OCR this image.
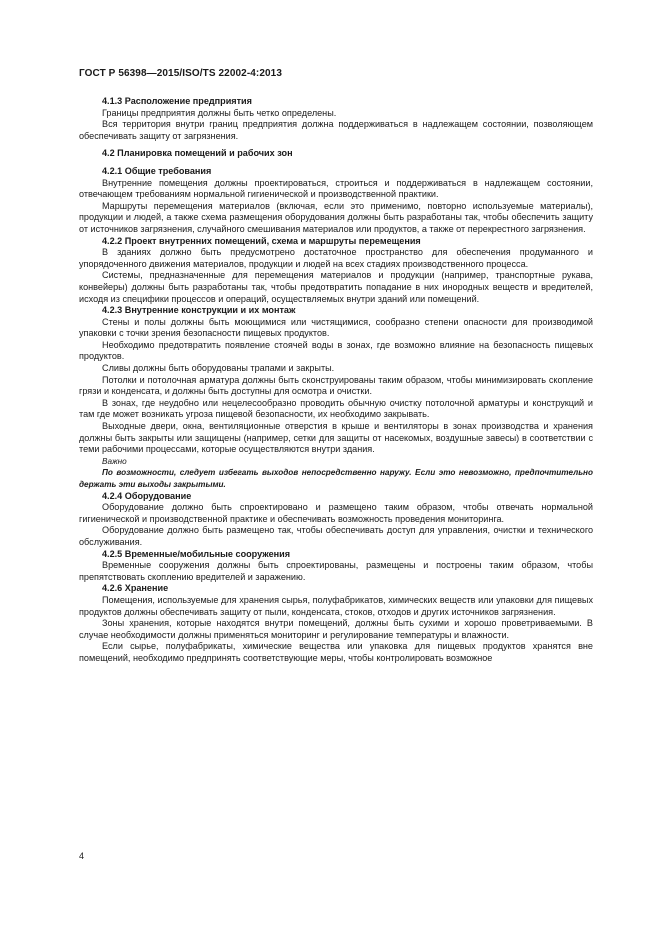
ГОСТ Р 56398—2015/ISO/TS 22002-4:2013

4.1.3 Расположение предприятия

Границы предприятия должны быть четко определены.

Вся территория внутри границ предприятия должна поддерживаться в надлежащем состоянии, позволяющем обеспечивать защиту от загрязнения.

4.2 Планировка помещений и рабочих зон

4.2.1 Общие требования

Внутренние помещения должны проектироваться, строиться и поддерживаться в надлежащем состоянии, отвечающем требованиям нормальной гигиенической и производственной практики.

Маршруты перемещения материалов (включая, если это применимо, повторно используемые материалы), продукции и людей, а также схема размещения оборудования должны быть разработаны так, чтобы обеспечить защиту от источников загрязнения, случайного смешивания материалов или продуктов, а также от перекрестного загрязнения.

4.2.2 Проект внутренних помещений, схема и маршруты перемещения

В зданиях должно быть предусмотрено достаточное пространство для обеспечения продуманного и упорядоченного движения материалов, продукции и людей на всех стадиях производственного процесса.

Системы, предназначенные для перемещения материалов и продукции (например, транспортные рукава, конвейеры) должны быть разработаны так, чтобы предотвратить попадание в них инородных веществ и вредителей, исходя из специфики процессов и операций, осуществляемых внутри зданий или помещений.

4.2.3 Внутренние конструкции и их монтаж

Стены и полы должны быть моющимися или чистящимися, сообразно степени опасности для производимой упаковки с точки зрения безопасности пищевых продуктов.

Необходимо предотвратить появление стоячей воды в зонах, где возможно влияние на безопасность пищевых продуктов.

Сливы должны быть оборудованы трапами и закрыты.

Потолки и потолочная арматура должны быть сконструированы таким образом, чтобы минимизировать скопление грязи и конденсата, и должны быть доступны для осмотра и очистки.

В зонах, где неудобно или нецелесообразно проводить обычную очистку потолочной арматуры и конструкций и там где может возникать угроза пищевой безопасности, их необходимо закрывать.

Выходные двери, окна, вентиляционные отверстия в крыше и вентиляторы в зонах производства и хранения должны быть закрыты или защищены (например, сетки для защиты от насекомых, воздушные завесы) в соответствии с теми рабочими процессами, которые осуществляются внутри здания.

Важно

По возможности, следует избегать выходов непосредственно наружу. Если это невозможно, предпочтительно держать эти выходы закрытыми.

4.2.4 Оборудование

Оборудование должно быть спроектировано и размещено таким образом, чтобы отвечать нормальной гигиенической и производственной практике и обеспечивать возможность проведения мониторинга.

Оборудование должно быть размещено так, чтобы обеспечивать доступ для управления, очистки и технического обслуживания.

4.2.5 Временные/мобильные сооружения

Временные сооружения должны быть спроектированы, размещены и построены таким образом, чтобы препятствовать скоплению вредителей и заражению.

4.2.6 Хранение

Помещения, используемые для хранения сырья, полуфабрикатов, химических веществ или упаковки для пищевых продуктов должны обеспечивать защиту от пыли, конденсата, стоков, отходов и других источников загрязнения.

Зоны хранения, которые находятся внутри помещений, должны быть сухими и хорошо проветриваемыми. В случае необходимости должны применяться мониторинг и регулирование температуры и влажности.

Если сырье, полуфабрикаты, химические вещества или упаковка для пищевых продуктов хранятся вне помещений, необходимо предпринять соответствующие меры, чтобы контролировать возможное

4
